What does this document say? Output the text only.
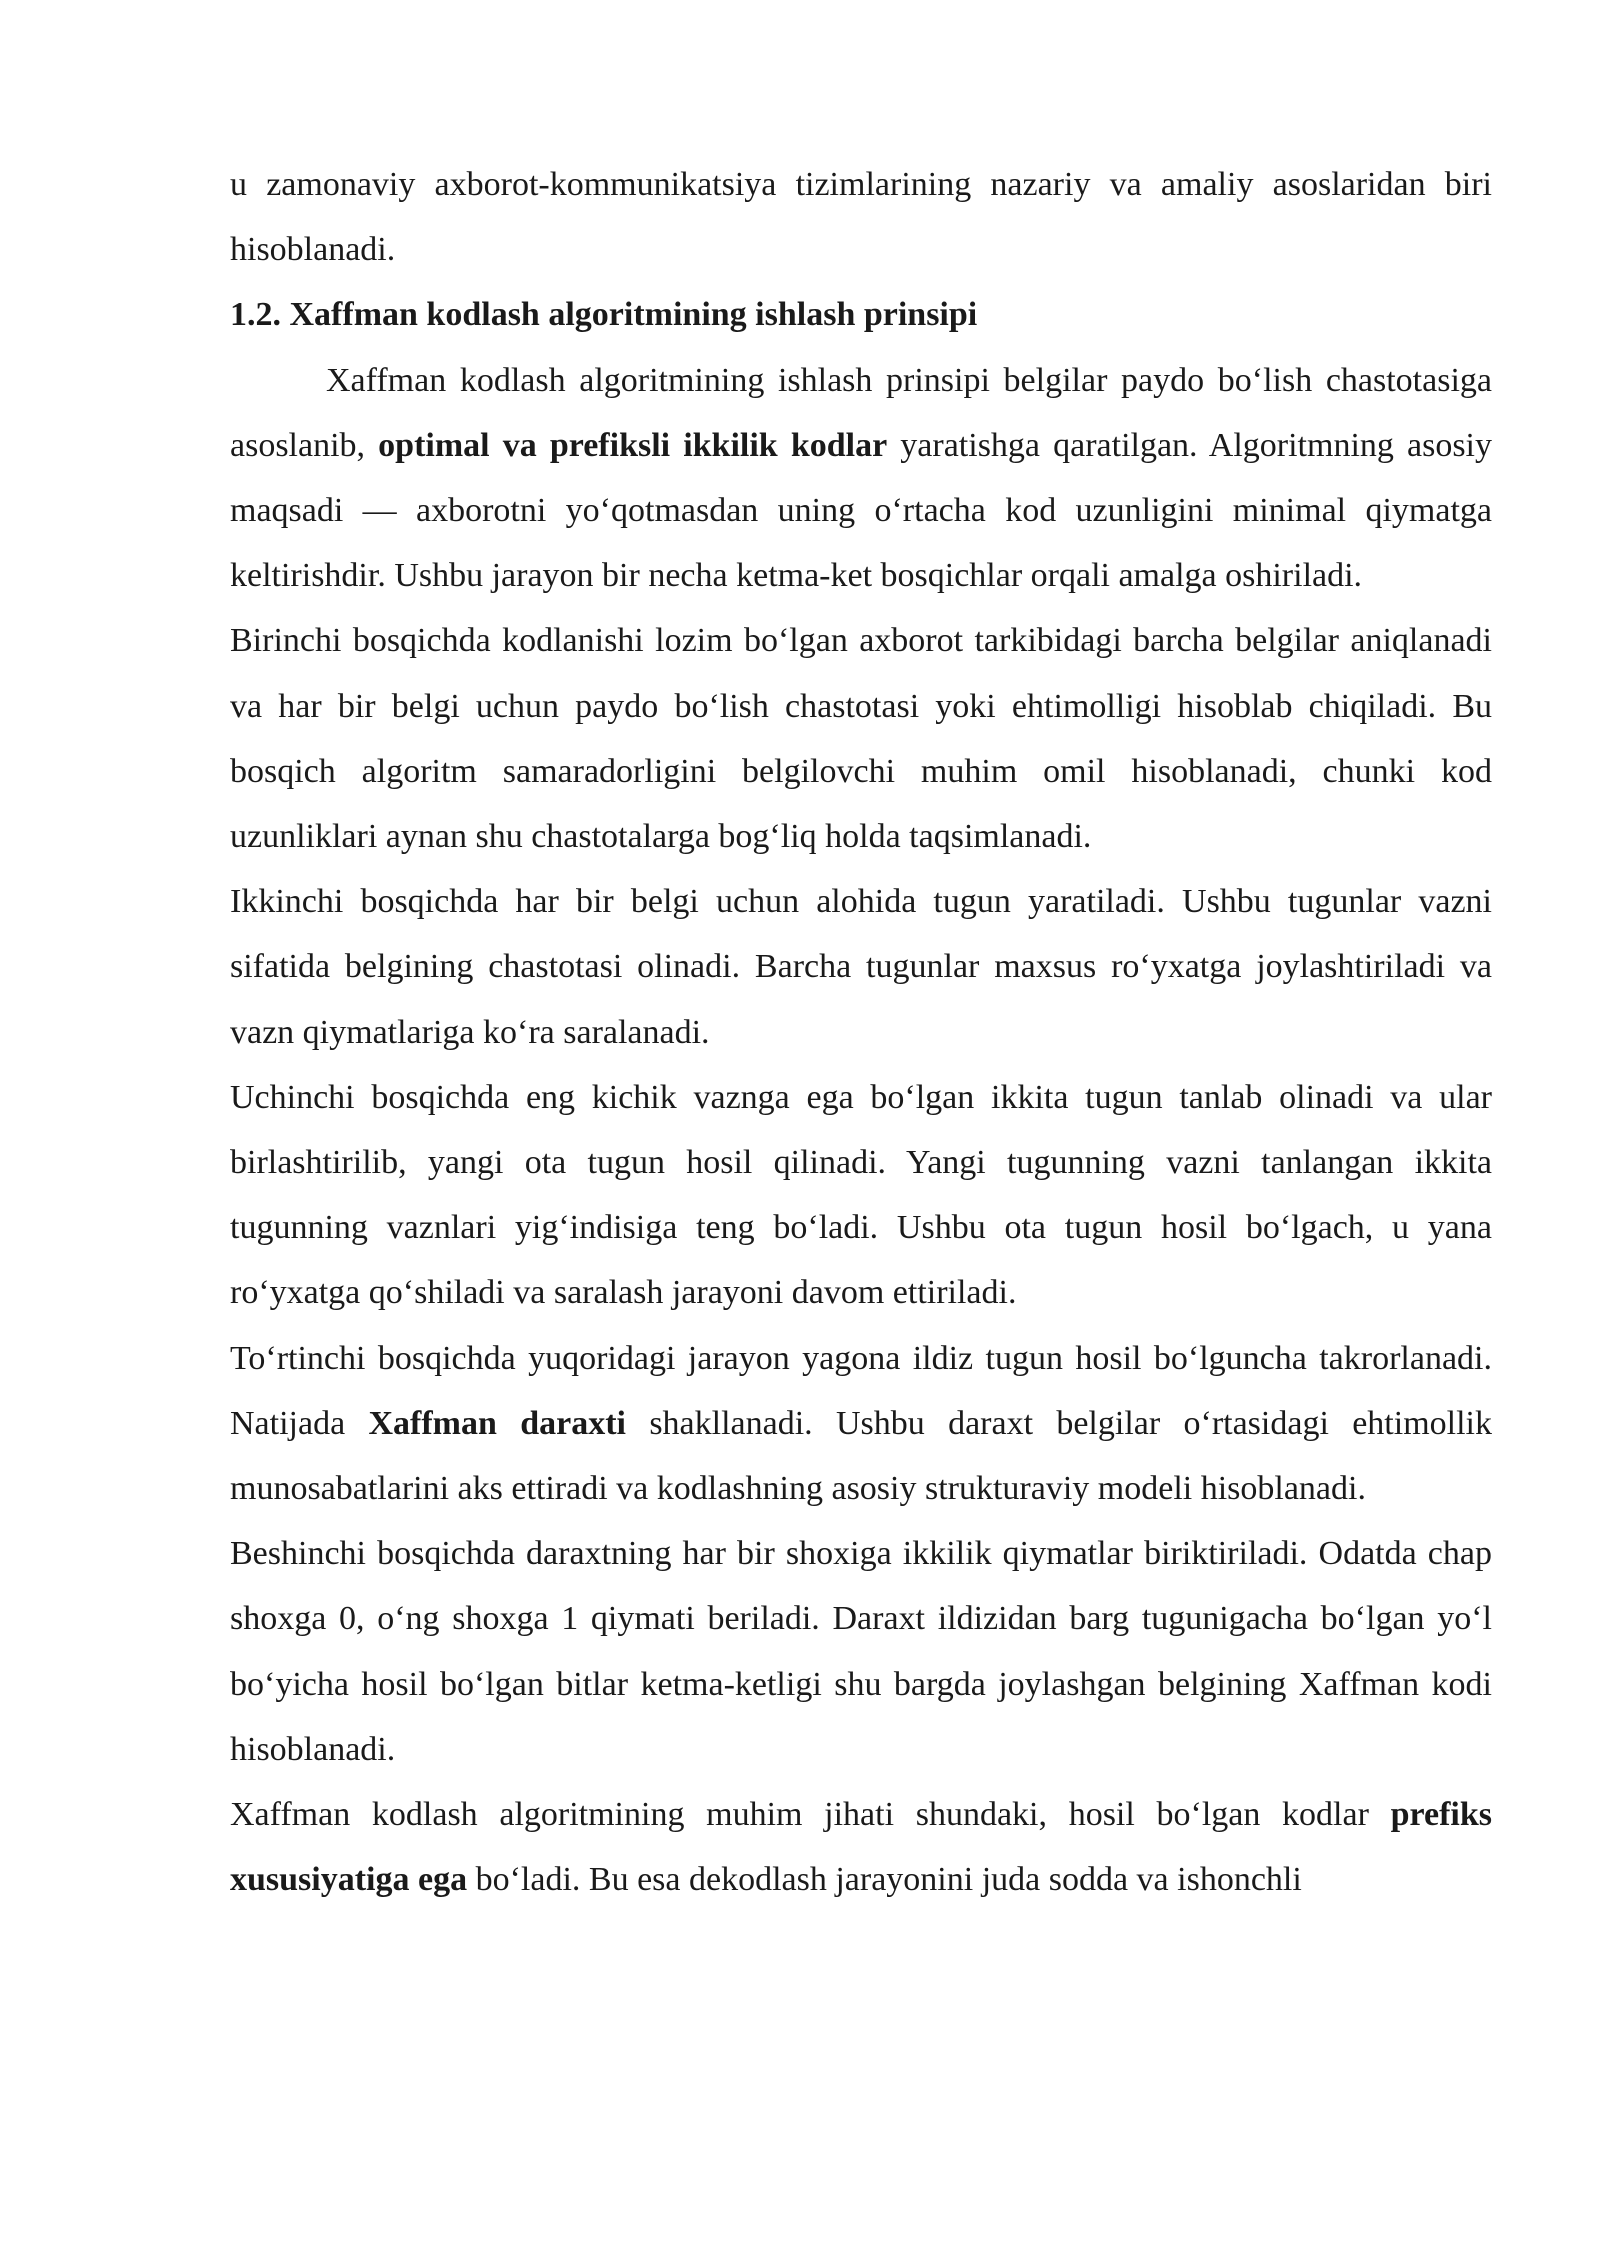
u zamonaviy axborot-kommunikatsiya tizimlarining nazariy va amaliy asoslaridan biri hisoblanadi.

1.2. Xaffman kodlash algoritmining ishlash prinsipi

Xaffman kodlash algoritmining ishlash prinsipi belgilar paydo bo‘lish chastotasiga asoslanib, optimal va prefiksli ikkilik kodlar yaratishga qaratilgan. Algoritmning asosiy maqsadi — axborotni yo‘qotmasdan uning o‘rtacha kod uzunligini minimal qiymatga keltirishdir. Ushbu jarayon bir necha ketma-ket bosqichlar orqali amalga oshiriladi.

Birinchi bosqichda kodlanishi lozim bo‘lgan axborot tarkibidagi barcha belgilar aniqlanadi va har bir belgi uchun paydo bo‘lish chastotasi yoki ehtimolligi hisoblab chiqiladi. Bu bosqich algoritm samaradorligini belgilovchi muhim omil hisoblanadi, chunki kod uzunliklari aynan shu chastotalarga bog‘liq holda taqsimlanadi.

Ikkinchi bosqichda har bir belgi uchun alohida tugun yaratiladi. Ushbu tugunlar vazni sifatida belgining chastotasi olinadi. Barcha tugunlar maxsus ro‘yxatga joylashtiriladi va vazn qiymatlariga ko‘ra saralanadi.

Uchinchi bosqichda eng kichik vaznga ega bo‘lgan ikkita tugun tanlab olinadi va ular birlashtirilib, yangi ota tugun hosil qilinadi. Yangi tugunning vazni tanlangan ikkita tugunning vaznlari yig‘indisiga teng bo‘ladi. Ushbu ota tugun hosil bo‘lgach, u yana ro‘yxatga qo‘shiladi va saralash jarayoni davom ettiriladi.

To‘rtinchi bosqichda yuqoridagi jarayon yagona ildiz tugun hosil bo‘lguncha takrorlanadi. Natijada Xaffman daraxti shakllanadi. Ushbu daraxt belgilar o‘rtasidagi ehtimollik munosabatlarini aks ettiradi va kodlashning asosiy strukturaviy modeli hisoblanadi.

Beshinchi bosqichda daraxtning har bir shoxiga ikkilik qiymatlar biriktiriladi. Odatda chap shoxga 0, o‘ng shoxga 1 qiymati beriladi. Daraxt ildizidan barg tugunigacha bo‘lgan yo‘l bo‘yicha hosil bo‘lgan bitlar ketma-ketligi shu bargda joylashgan belgining Xaffman kodi hisoblanadi.

Xaffman kodlash algoritmining muhim jihati shundaki, hosil bo‘lgan kodlar prefiks xususiyatiga ega bo‘ladi. Bu esa dekodlash jarayonini juda sodda va ishonchli
